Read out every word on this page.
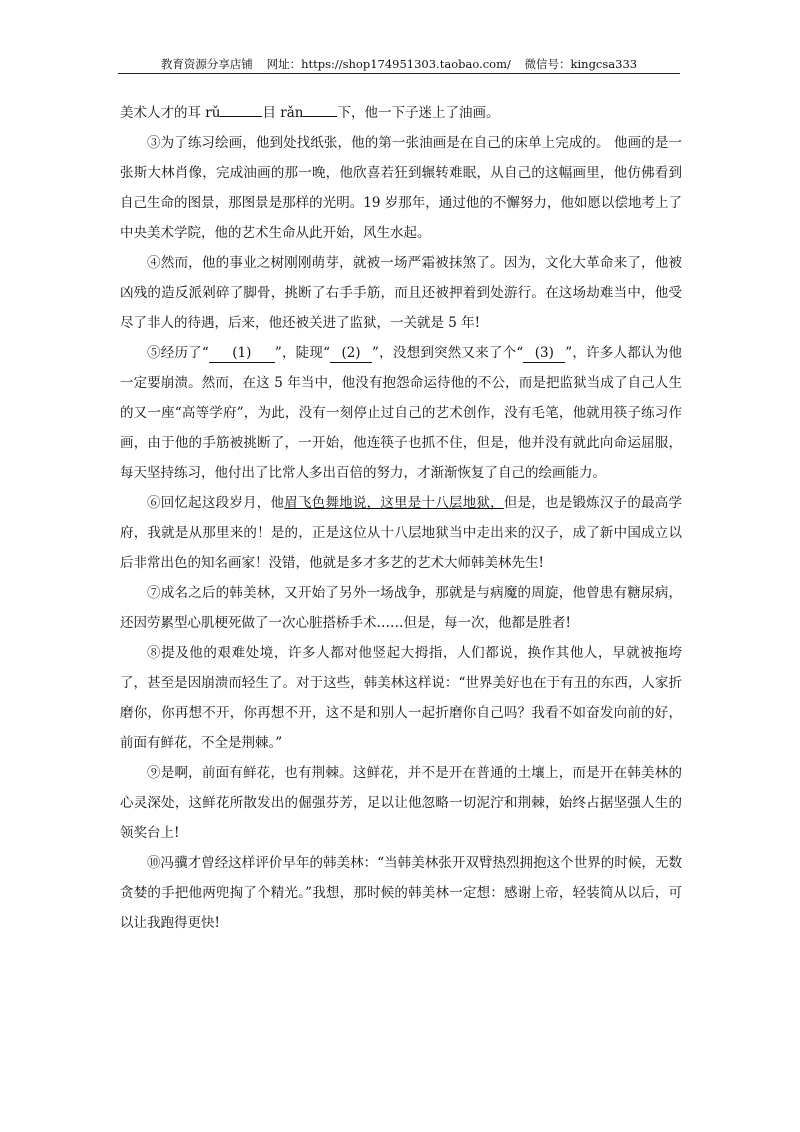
教育资源分享店铺 网址：https://shop174951303.taobao.com/ 微信号：kingcsa333

美术人才的耳 rǔ	目 rǎn	下，他一下子迷上了油画。

③为了练习绘画，他到处找纸张，他的第一张油画是在自己的床单上完成的。 他画的是一张斯大林肖像，完成油画的那一晚，他欣喜若狂到辗转难眠，从自己的这幅画里，他仿佛看到自己生命的图景，那图景是那样的光明。19 岁那年，通过他的不懈努力，他如愿以偿地考上了中央美术学院，他的艺术生命从此开始，风生水起。

④然而，他的事业之树刚刚萌芽，就被一场严霜被抹煞了。因为，文化大革命来了，他被凶残的造反派剁碎了脚骨，挑断了右手手筋，而且还被押着到处游行。在这场劫难当中，他受尽了非人的待遇，后来，他还被关进了监狱，一关就是 5 年!

⑤经历了“ (1) ”，陡现“ (2) ”，没想到突然又来了个“ (3) ”，许多人都认为他一定要崩溃。然而，在这 5 年当中，他没有抱怨命运待他的不公，而是把监狱当成了自己人生的又一座“高等学府”，为此，没有一刻停止过自己的艺术创作，没有毛笔，他就用筷子练习作画，由于他的手筋被挑断了，一开始，他连筷子也抓不住，但是，他并没有就此向命运屈服，每天坚持练习，他付出了比常人多出百倍的努力，才渐渐恢复了自己的绘画能力。

⑥回忆起这段岁月，他眉飞色舞地说，这里是十八层地狱，但是，也是锻炼汉子的最高学府，我就是从那里来的！是的，正是这位从十八层地狱当中走出来的汉子，成了新中国成立以后非常出色的知名画家！没错，他就是多才多艺的艺术大师韩美林先生!

⑦成名之后的韩美林，又开始了另外一场战争，那就是与病魔的周旋，他曾患有糖尿病，还因劳累型心肌梗死做了一次心脏搭桥手术……但是，每一次，他都是胜者!

⑧提及他的艰难处境，许多人都对他竖起大拇指，人们都说，换作其他人，早就被拖垮了，甚至是因崩溃而轻生了。对于这些，韩美林这样说：“世界美好也在于有丑的东西，人家折磨你，你再想不开，你再想不开，这不是和别人一起折磨你自己吗？我看不如奋发向前的好，前面有鲜花，不全是荆棘。”

⑨是啊，前面有鲜花，也有荆棘。这鲜花，并不是开在普通的土壤上，而是开在韩美林的心灵深处，这鲜花所散发出的倔强芬芳，足以让他忽略一切泥泞和荆棘，始终占据坚强人生的领奖台上!

⑩冯骥才曾经这样评价早年的韩美林：“当韩美林张开双臂热烈拥抱这个世界的时候，无数贪婪的手把他两兜掏了个精光。”我想，那时候的韩美林一定想：感谢上帝，轻装简从以后，可以让我跑得更快!
